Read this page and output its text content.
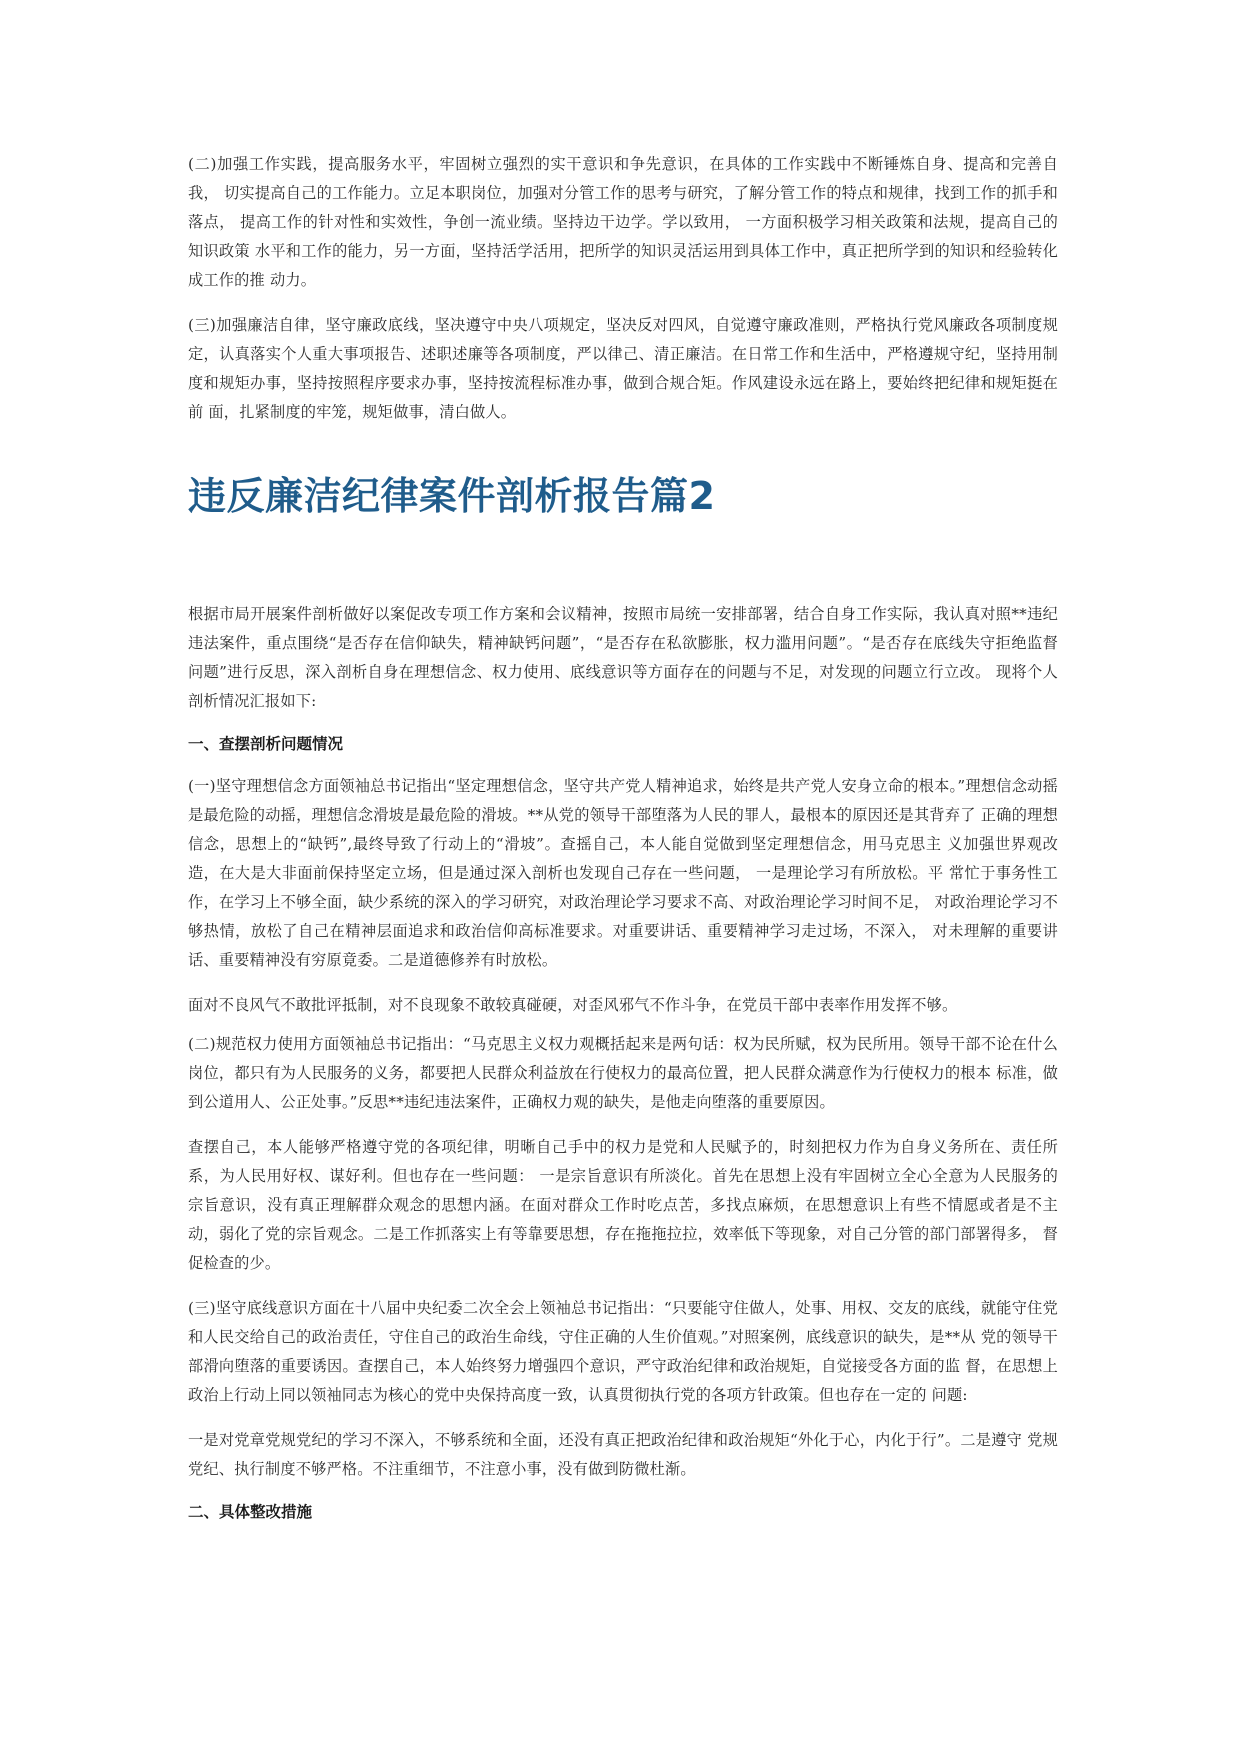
(二)加强工作实践，提高服务水平，牢固树立强烈的实干意识和争先意识，在具体的工作实践中不断锤炼自身、提高和完善自我， 切实提高自己的工作能力。立足本职岗位，加强对分管工作的思考与研究，了解分管工作的特点和规律，找到工作的抓手和落点， 提高工作的针对性和实效性，争创一流业绩。坚持边干边学。学以致用， 一方面积极学习相关政策和法规，提高自己的知识政策 水平和工作的能力，另一方面，坚持活学活用，把所学的知识灵活运用到具体工作中，真正把所学到的知识和经验转化成工作的推 动力。

(三)加强廉洁自律，坚守廉政底线，坚决遵守中央八项规定，坚决反对四风，自觉遵守廉政准则，严格执行党风廉政各项制度规 定，认真落实个人重大事项报告、述职述廉等各项制度，严以律己、清正廉洁。在日常工作和生活中，严格遵规守纪，坚持用制 度和规矩办事，坚持按照程序要求办事，坚持按流程标准办事，做到合规合矩。作风建设永远在路上，要始终把纪律和规矩挺在前 面，扎紧制度的牢笼，规矩做事，清白做人。

违反廉洁纪律案件剖析报告篇2

根据市局开展案件剖析做好以案促改专项工作方案和会议精神，按照市局统一安排部署，结合自身工作实际，我认真对照**违纪违法案件，重点围绕“是否存在信仰缺失，精神缺钙问题”，“是否存在私欲膨胀，权力滥用问题”。“是否存在底线失守拒绝监督问题”进行反思，深入剖析自身在理想信念、权力使用、底线意识等方面存在的问题与不足，对发现的问题立行立改。 现将个人剖析情况汇报如下:

一、查摆剖析问题情况

(一)坚守理想信念方面领袖总书记指出“坚定理想信念，坚守共产党人精神追求，始终是共产党人安身立命的根本。”理想信念动摇是最危险的动摇，理想信念滑坡是最危险的滑坡。**从党的领导干部堕落为人民的罪人，最根本的原因还是其背弃了 正确的理想信念，思想上的“缺钙”,最终导致了行动上的“滑坡”。查摇自己，本人能自觉做到坚定理想信念，用马克思主 义加强世界观改造，在大是大非面前保持坚定立场，但是通过深入剖析也发现自己存在一些问题， 一是理论学习有所放松。平 常忙于事务性工作，在学习上不够全面，缺少系统的深入的学习研究，对政治理论学习要求不高、对政治理论学习时间不足， 对政治理论学习不够热情，放松了自己在精神层面追求和政治信仰高标准要求。对重要讲话、重要精神学习走过场，不深入， 对未理解的重要讲话、重要精神没有穷原竟委。二是道德修养有时放松。

面对不良风气不敢批评抵制，对不良现象不敢较真碰硬，对歪风邪气不作斗争，在党员干部中表率作用发挥不够。

(二)规范权力使用方面领袖总书记指出：“马克思主义权力观概括起来是两句话：权为民所赋，权为民所用。领导干部不论在什么岗位，都只有为人民服务的义务，都要把人民群众利益放在行使权力的最高位置，把人民群众满意作为行使权力的根本 标准，做到公道用人、公正处事。”反思**违纪违法案件，正确权力观的缺失，是他走向堕落的重要原因。

查摆自己，本人能够严格遵守党的各项纪律，明晰自己手中的权力是党和人民赋予的，时刻把权力作为自身义务所在、责任所 系，为人民用好权、谋好利。但也存在一些问题： 一是宗旨意识有所淡化。首先在思想上没有牢固树立全心全意为人民服务的 宗旨意识，没有真正理解群众观念的思想内涵。在面对群众工作时吃点苦，多找点麻烦，在思想意识上有些不情愿或者是不主 动，弱化了党的宗旨观念。二是工作抓落实上有等靠要思想，存在拖拖拉拉，效率低下等现象，对自己分管的部门部署得多， 督促检查的少。

(三)坚守底线意识方面在十八届中央纪委二次全会上领袖总书记指出：“只要能守住做人，处事、用权、交友的底线，就能守住党和人民交给自己的政治责任，守住自己的政治生命线，守住正确的人生价值观。”对照案例，底线意识的缺失，是**从 党的领导干部滑向堕落的重要诱因。查摆自己，本人始终努力增强四个意识，严守政治纪律和政治规矩，自觉接受各方面的监 督，在思想上政治上行动上同以领袖同志为核心的党中央保持高度一致，认真贯彻执行党的各项方针政策。但也存在一定的 问题:

一是对党章党规党纪的学习不深入，不够系统和全面，还没有真正把政治纪律和政治规矩“外化于心，内化于行”。二是遵守 党规党纪、执行制度不够严格。不注重细节，不注意小事，没有做到防微杜渐。

二、具体整改措施
